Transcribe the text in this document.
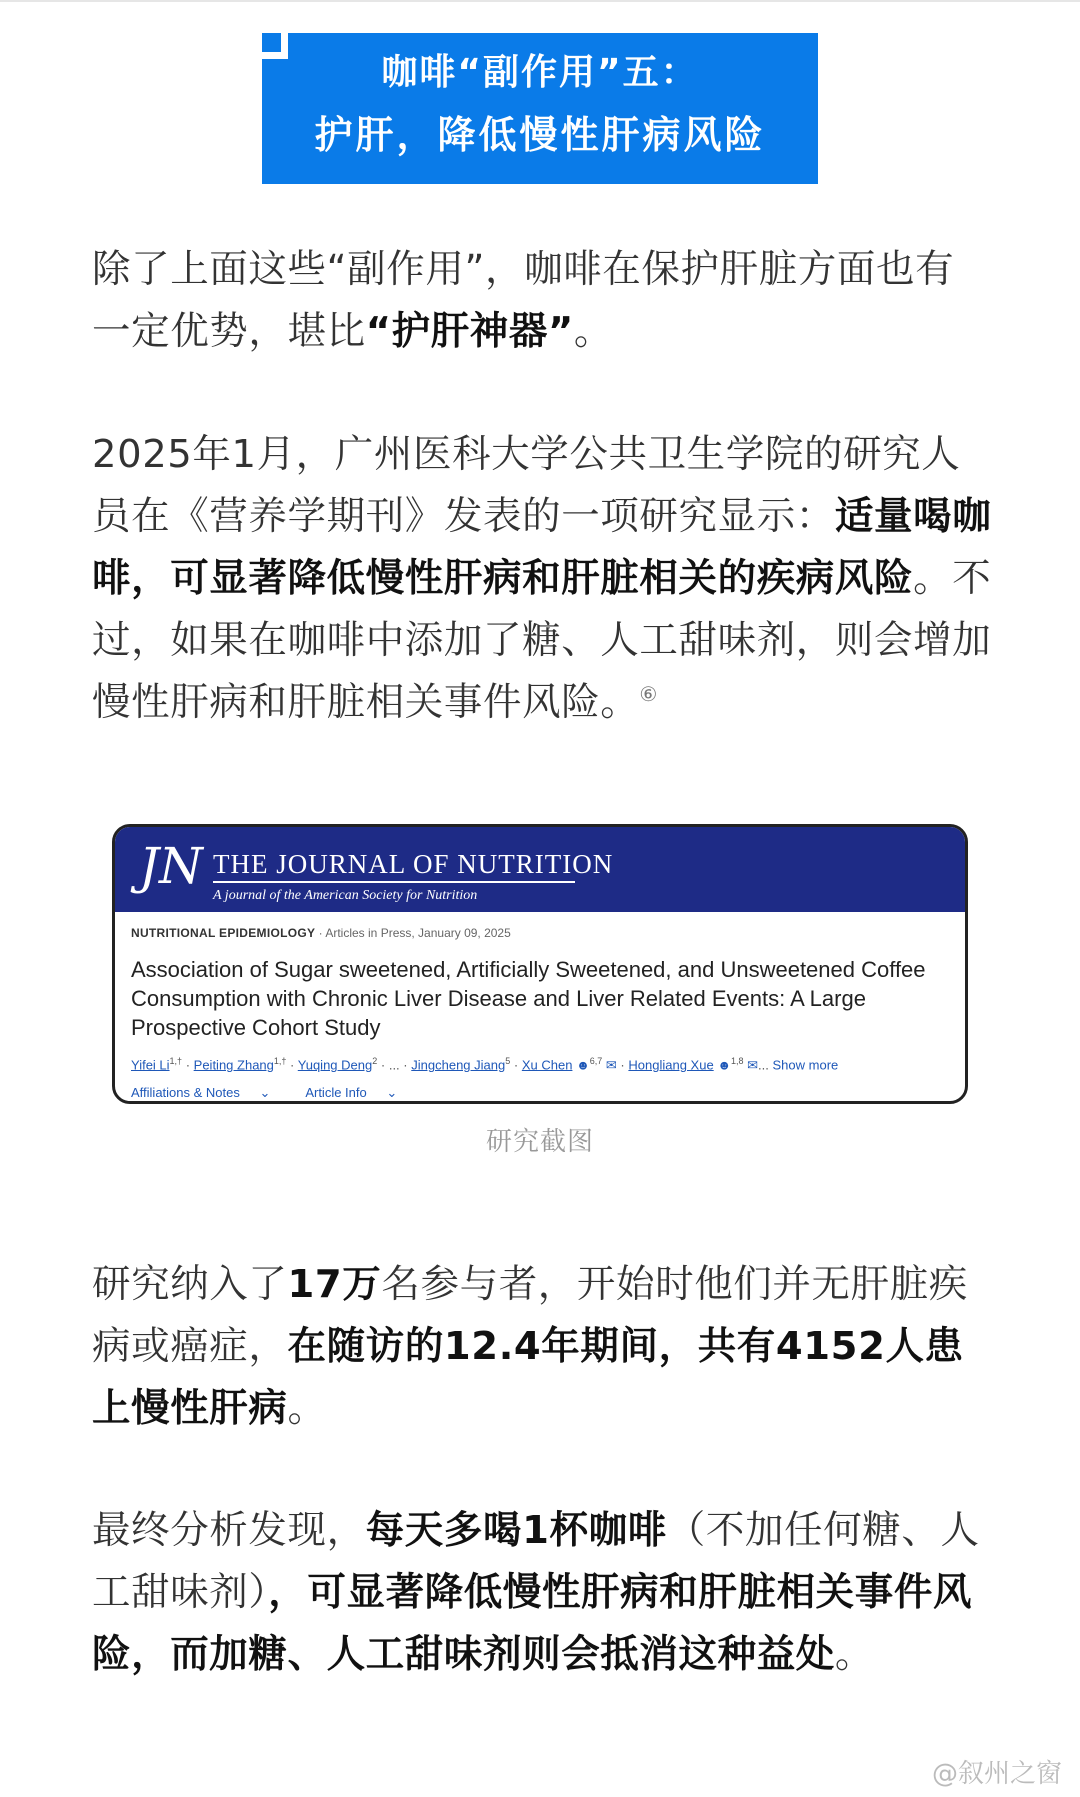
咖啡“副作用”五：
护肝，降低慢性肝病风险
除了上面这些“副作用”，咖啡在保护肝脏方面也有一定优势，堪比“护肝神器”。
2025年1月，广州医科大学公共卫生学院的研究人员在《营养学期刊》发表的一项研究显示：适量喝咖啡，可显著降低慢性肝病和肝脏相关的疾病风险。不过，如果在咖啡中添加了糖、人工甜味剂，则会增加慢性肝病和肝脏相关事件风险。⑥
JN THE JOURNAL OF NUTRITION
A journal of the American Society for Nutrition
NUTRITIONAL EPIDEMIOLOGY · Articles in Press, January 09, 2025
Association of Sugar sweetened, Artificially Sweetened, and Unsweetened Coffee Consumption with Chronic Liver Disease and Liver Related Events: A Large Prospective Cohort Study
Yifei $Li^{1,\dagger}$ · Peiting Zhang$^{1,\dagger}$ · Yuqing Deng$^2$ · ... · Jingcheng Jiang$^5$ · Xu Chen ☻$^{6,7}$ ✉ · Hongliang Xue ☻$^{1,8}$ ✉... Show more
Affiliations & Notes ⌄	Article Info ⌄
研究截图
研究纳入了17万名参与者，开始时他们并无肝脏疾病或癌症，在随访的12.4年期间，共有4152人患上慢性肝病。
最终分析发现，每天多喝1杯咖啡（不加任何糖、人工甜味剂），可显著降低慢性肝病和肝脏相关事件风险，而加糖、人工甜味剂则会抵消这种益处。
@叙州之窗
